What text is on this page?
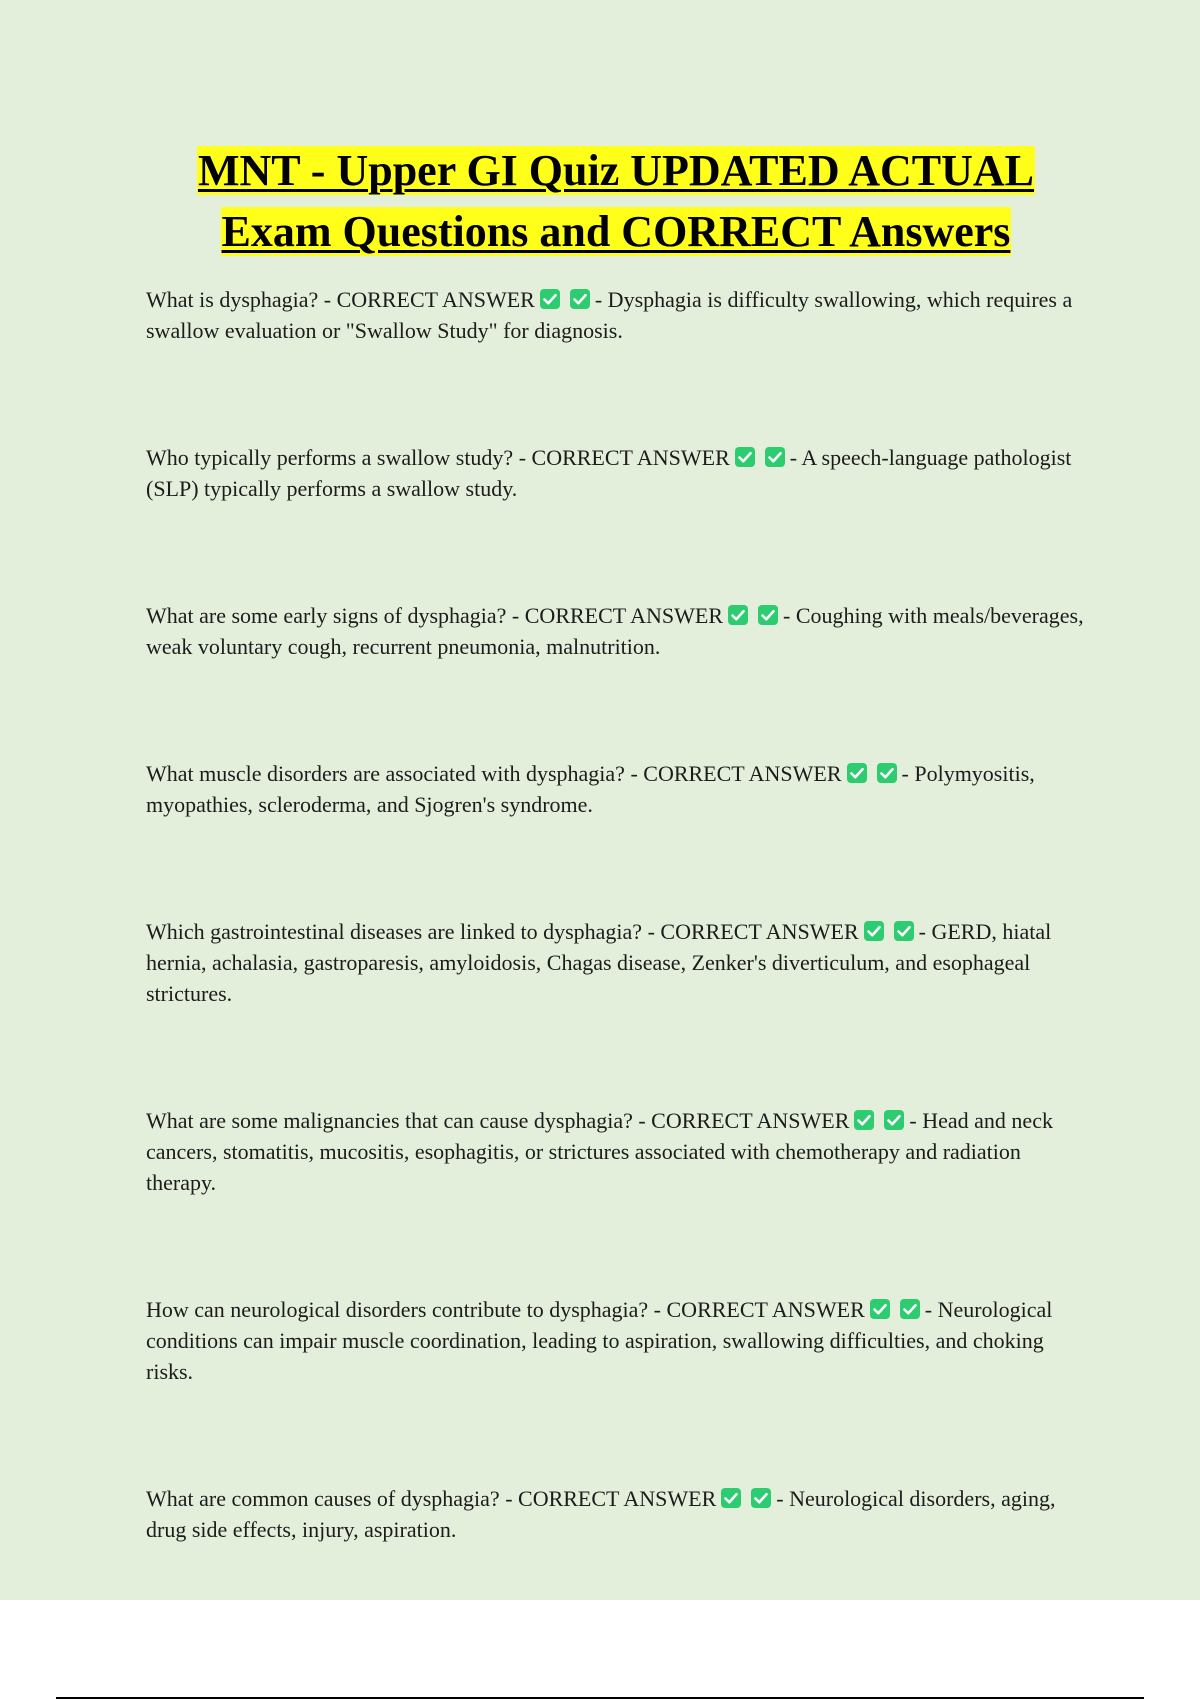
MNT - Upper GI Quiz UPDATED ACTUAL
Exam Questions and CORRECT Answers

What is dysphagia? - CORRECT ANSWER	- Dysphagia is difficulty swallowing, which requires a swallow evaluation or "Swallow Study" for diagnosis.

Who typically performs a swallow study? - CORRECT ANSWER	- A speech-language pathologist (SLP) typically performs a swallow study.

What are some early signs of dysphagia? - CORRECT ANSWER	- Coughing with meals/beverages, weak voluntary cough, recurrent pneumonia, malnutrition.

What muscle disorders are associated with dysphagia? - CORRECT ANSWER	- Polymyositis, myopathies, scleroderma, and Sjogren's syndrome.

Which gastrointestinal diseases are linked to dysphagia? - CORRECT ANSWER	- GERD, hiatal hernia, achalasia, gastroparesis, amyloidosis, Chagas disease, Zenker's diverticulum, and esophageal strictures.

What are some malignancies that can cause dysphagia? - CORRECT ANSWER	- Head and neck cancers, stomatitis, mucositis, esophagitis, or strictures associated with chemotherapy and radiation therapy.

How can neurological disorders contribute to dysphagia? - CORRECT ANSWER	- Neurological conditions can impair muscle coordination, leading to aspiration, swallowing difficulties, and choking risks.

What are common causes of dysphagia? - CORRECT ANSWER	- Neurological disorders, aging, drug side effects, injury, aspiration.
